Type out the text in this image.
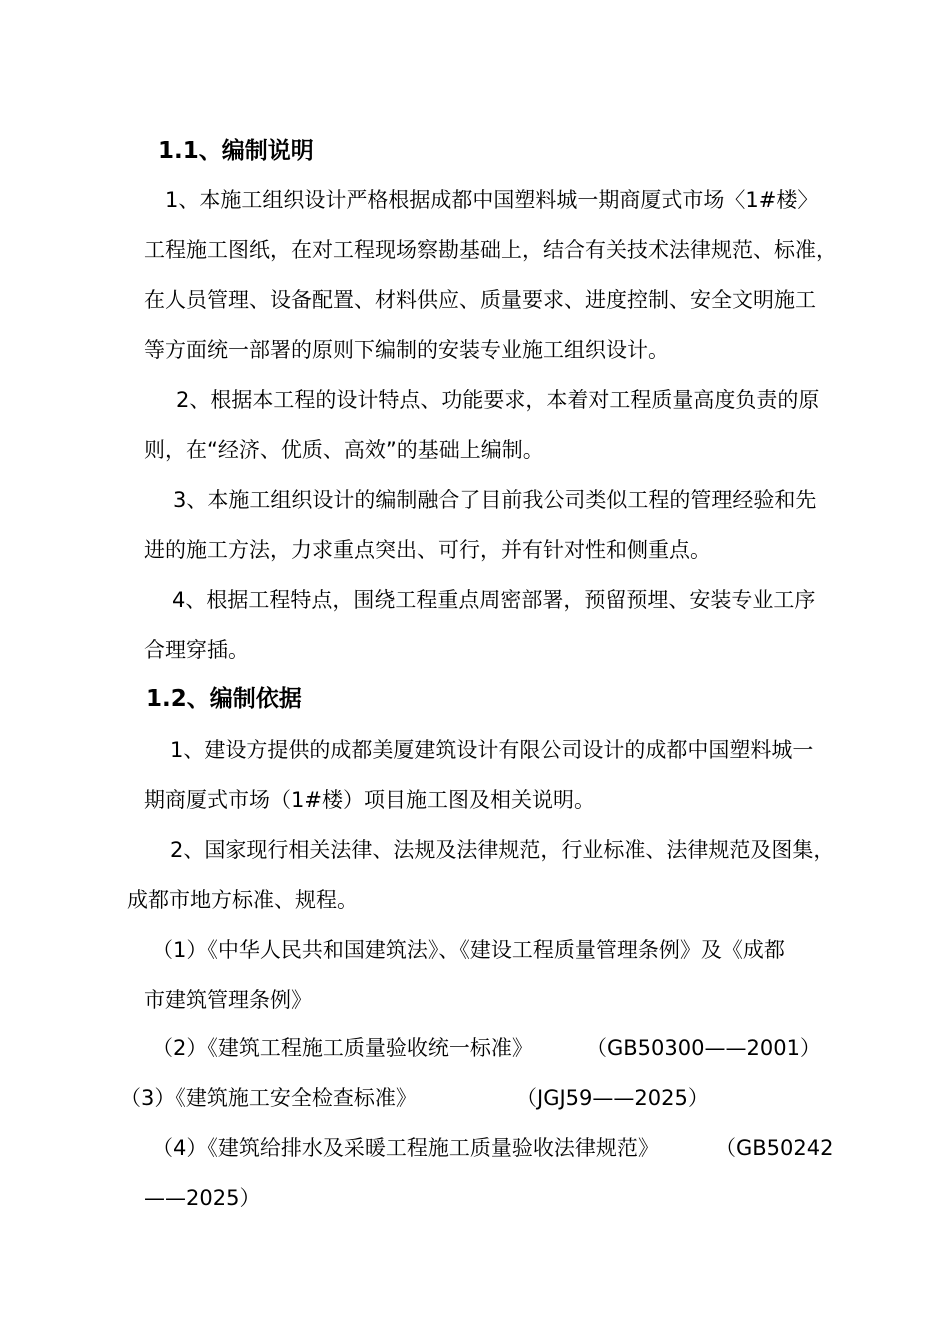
1.1、编制说明
1、本施工组织设计严格根据成都中国塑料城一期商厦式市场〈1#楼〉
工程施工图纸，在对工程现场察勘基础上，结合有关技术法律规范、标准，
在人员管理、设备配置、材料供应、质量要求、进度控制、安全文明施工
等方面统一部署的原则下编制的安装专业施工组织设计。
2、根据本工程的设计特点、功能要求，本着对工程质量高度负责的原
则，在“经济、优质、高效”的基础上编制。
3、本施工组织设计的编制融合了目前我公司类似工程的管理经验和先
进的施工方法，力求重点突出、可行，并有针对性和侧重点。
4、根据工程特点，围绕工程重点周密部署，预留预埋、安装专业工序
合理穿插。
1.2、编制依据
1、建设方提供的成都美厦建筑设计有限公司设计的成都中国塑料城一
期商厦式市场（1#楼）项目施工图及相关说明。
2、国家现行相关法律、法规及法律规范，行业标准、法律规范及图集，
成都市地方标准、规程。
（1）《中华人民共和国建筑法》、《建设工程质量管理条例》及《成都
市建筑管理条例》
（2）《建筑工程施工质量验收统一标准》	（GB50300——2001）
（3）《建筑施工安全检查标准》	（JGJ59——2025）
（4）《建筑给排水及采暖工程施工质量验收法律规范》	（GB50242
——2025）
